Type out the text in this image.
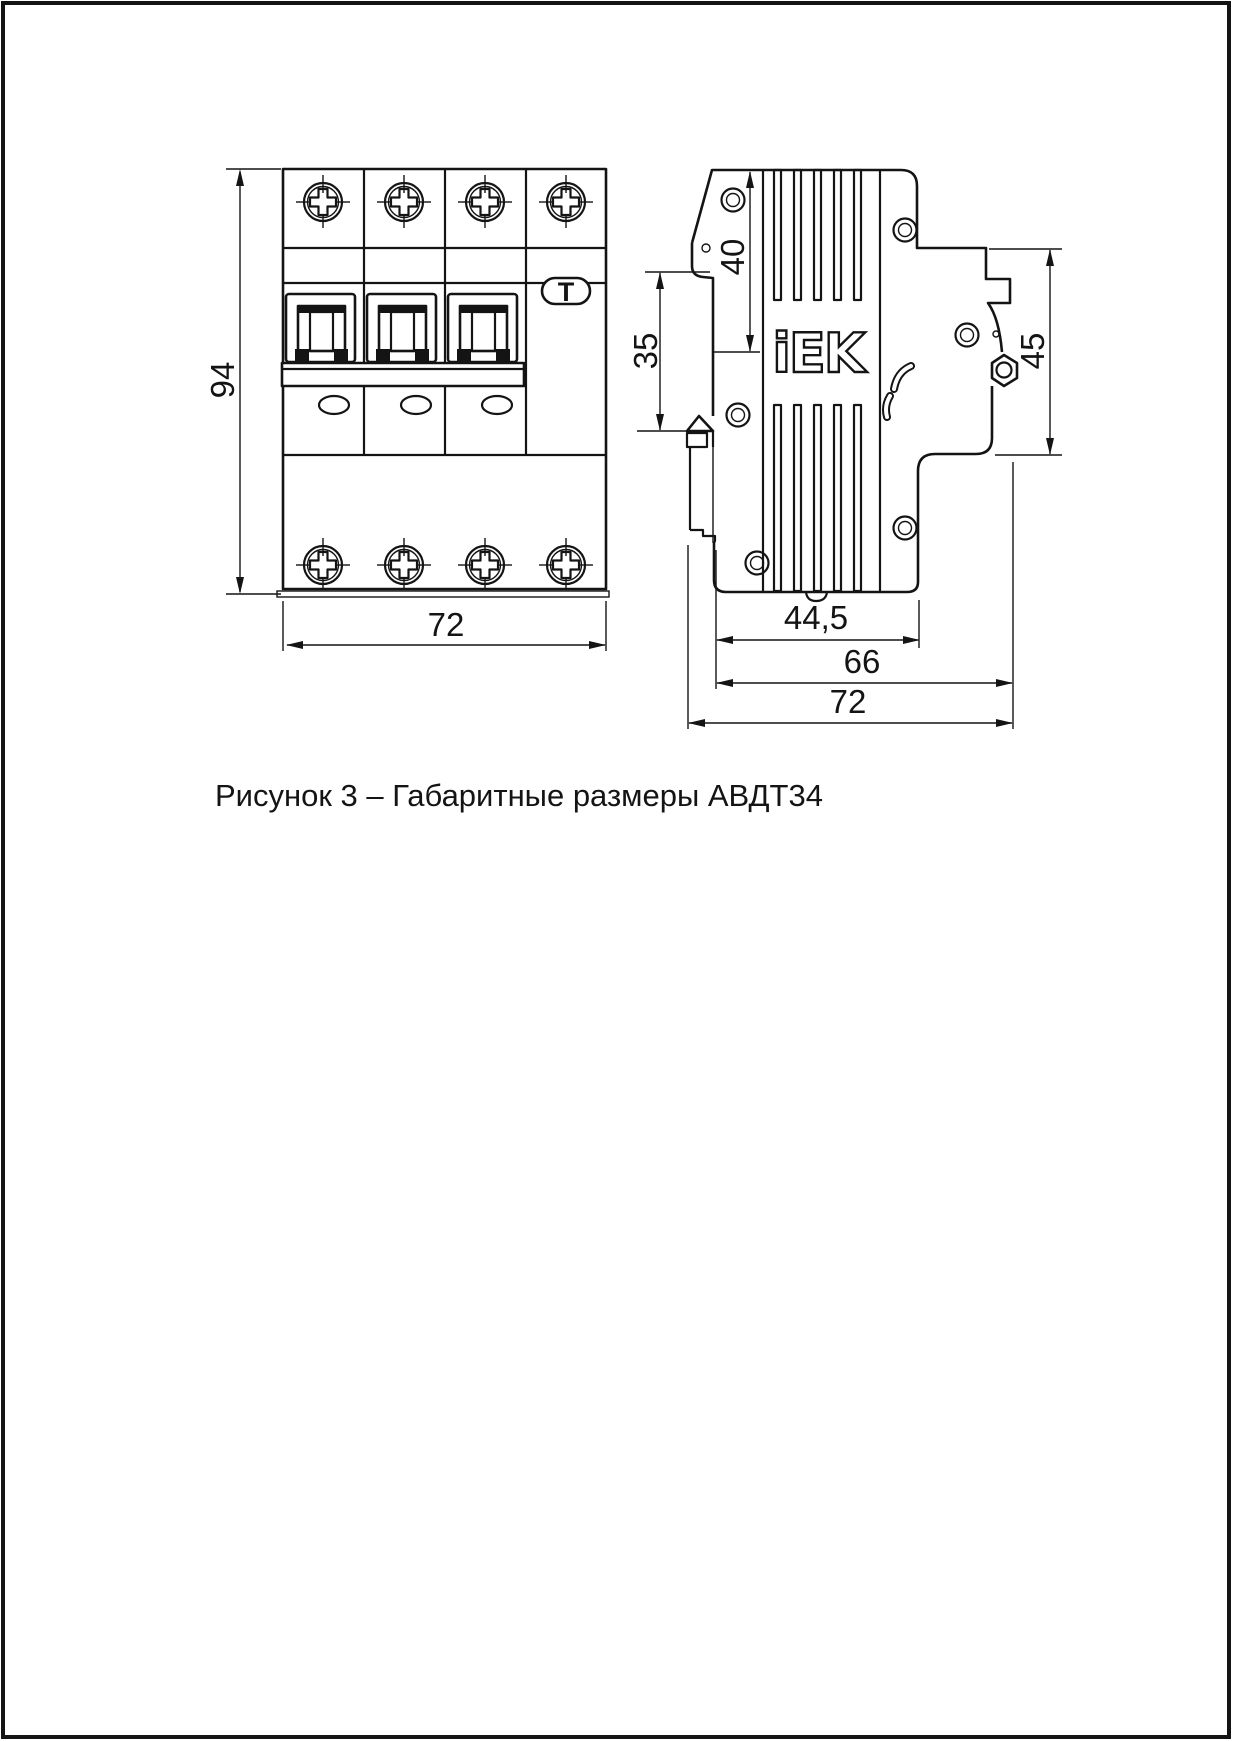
T
94
72
iEK
40
35	45
44,5
66
72
Рисунок 3 – Габаритные размеры АВДТ34
